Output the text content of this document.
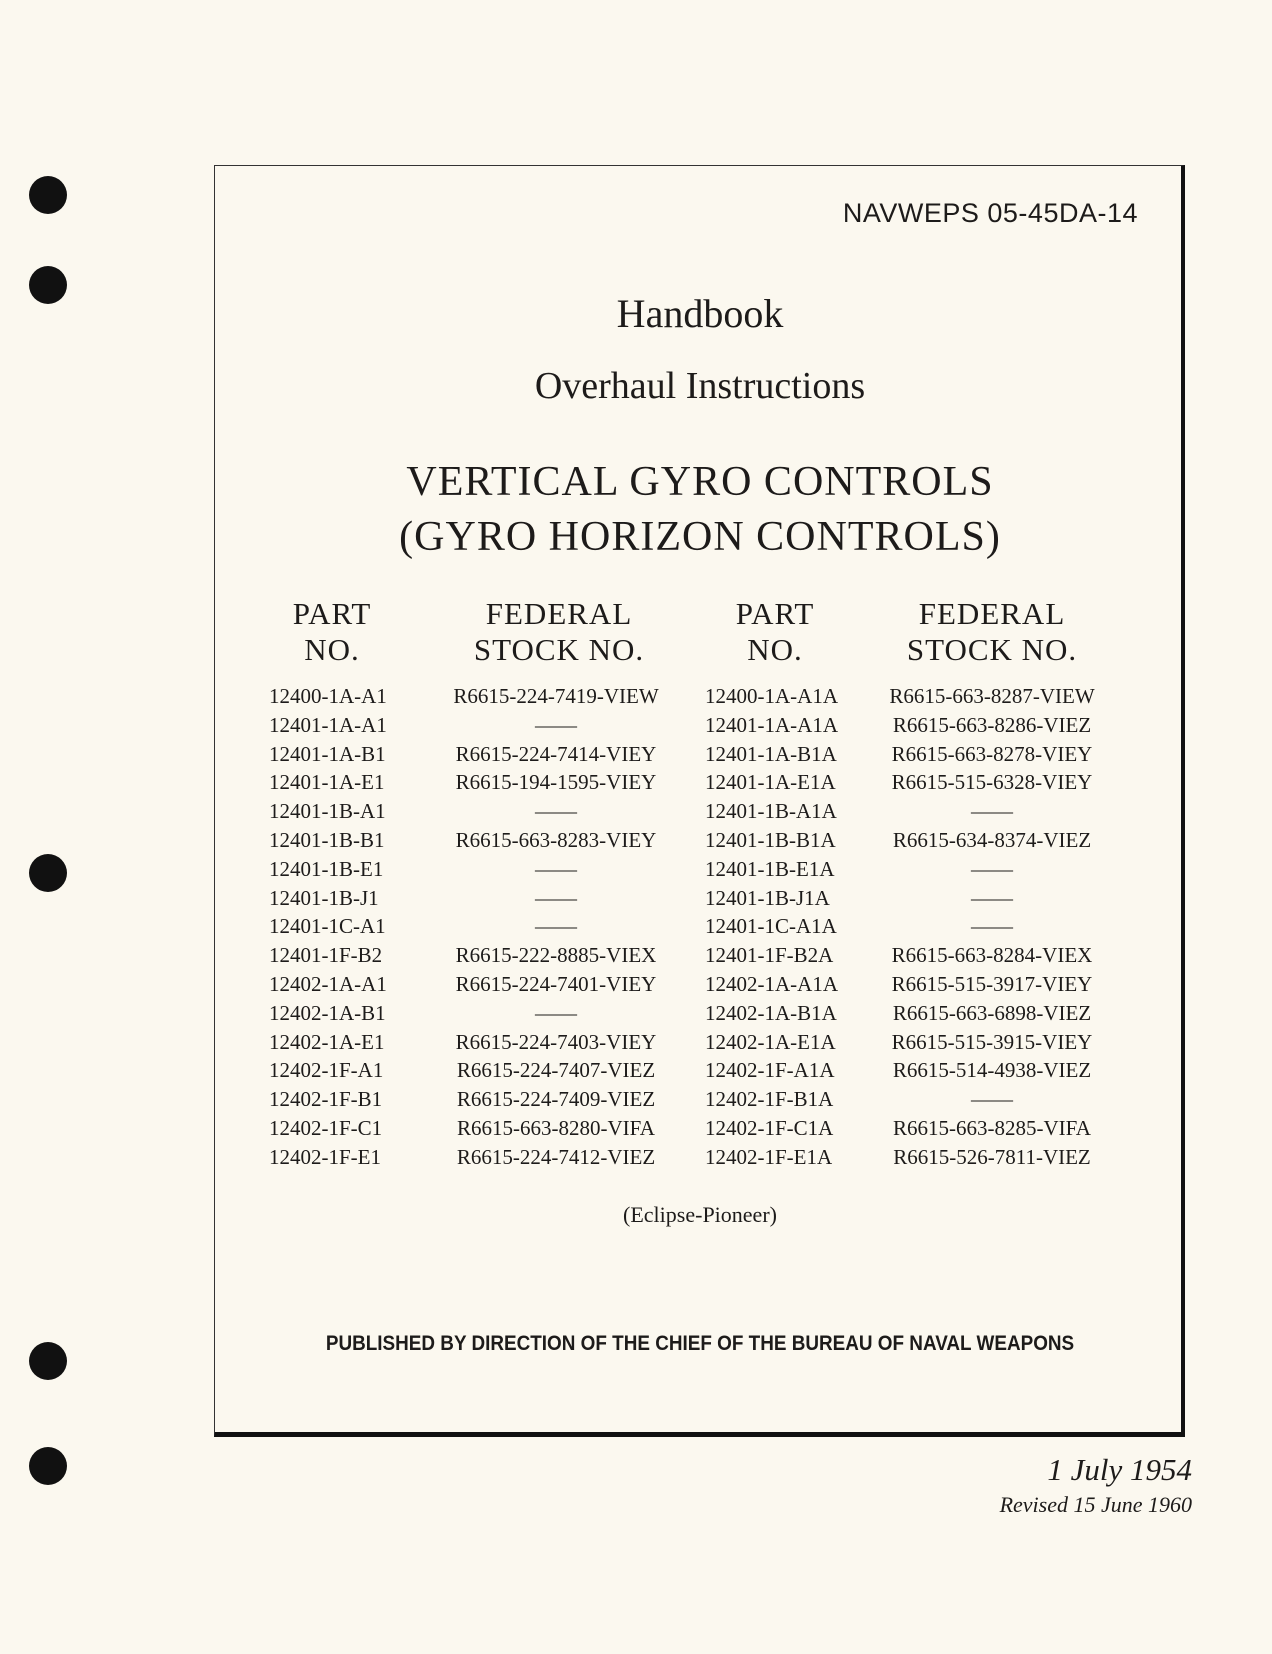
NAVWEPS 05-45DA-14
Handbook
Overhaul Instructions
VERTICAL GYRO CONTROLS
(GYRO HORIZON CONTROLS)
PART
NO.
FEDERAL
STOCK NO.
PART
NO.
FEDERAL
STOCK NO.
12400-1A-A1	R6615-224-7419-VIEW 12400-1A-A1A R6615-663-8287-VIEW
12401-1A-A1	——	12401-1A-A1A	R6615-663-8286-VIEZ
12401-1A-B1	R6615-224-7414-VIEY 12401-1A-B1A	R6615-663-8278-VIEY
12401-1A-E1	R6615-194-1595-VIEY 12401-1A-E1A	R6615-515-6328-VIEY
12401-1B-A1	——	12401-1B-A1A	——
12401-1B-B1	R6615-663-8283-VIEY 12401-1B-B1A	R6615-634-8374-VIEZ
12401-1B-E1	——	12401-1B-E1A	——
12401-1B-J1	——	12401-1B-J1A	——
12401-1C-A1	——	12401-1C-A1A	——
12401-1F-B2	R6615-222-8885-VIEX 12401-1F-B2A	R6615-663-8284-VIEX
12402-1A-A1	R6615-224-7401-VIEY 12402-1A-A1A	R6615-515-3917-VIEY
12402-1A-B1	——	12402-1A-B1A	R6615-663-6898-VIEZ
12402-1A-E1	R6615-224-7403-VIEY 12402-1A-E1A	R6615-515-3915-VIEY
12402-1F-A1	R6615-224-7407-VIEZ 12402-1F-A1A	R6615-514-4938-VIEZ
12402-1F-B1	R6615-224-7409-VIEZ 12402-1F-B1A	——
12402-1F-C1	R6615-663-8280-VIFA 12402-1F-C1A	R6615-663-8285-VIFA
12402-1F-E1	R6615-224-7412-VIEZ 12402-1F-E1A	R6615-526-7811-VIEZ
(Eclipse-Pioneer)
PUBLISHED BY DIRECTION OF THE CHIEF OF THE BUREAU OF NAVAL WEAPONS
1 July 1954
Revised 15 June 1960
